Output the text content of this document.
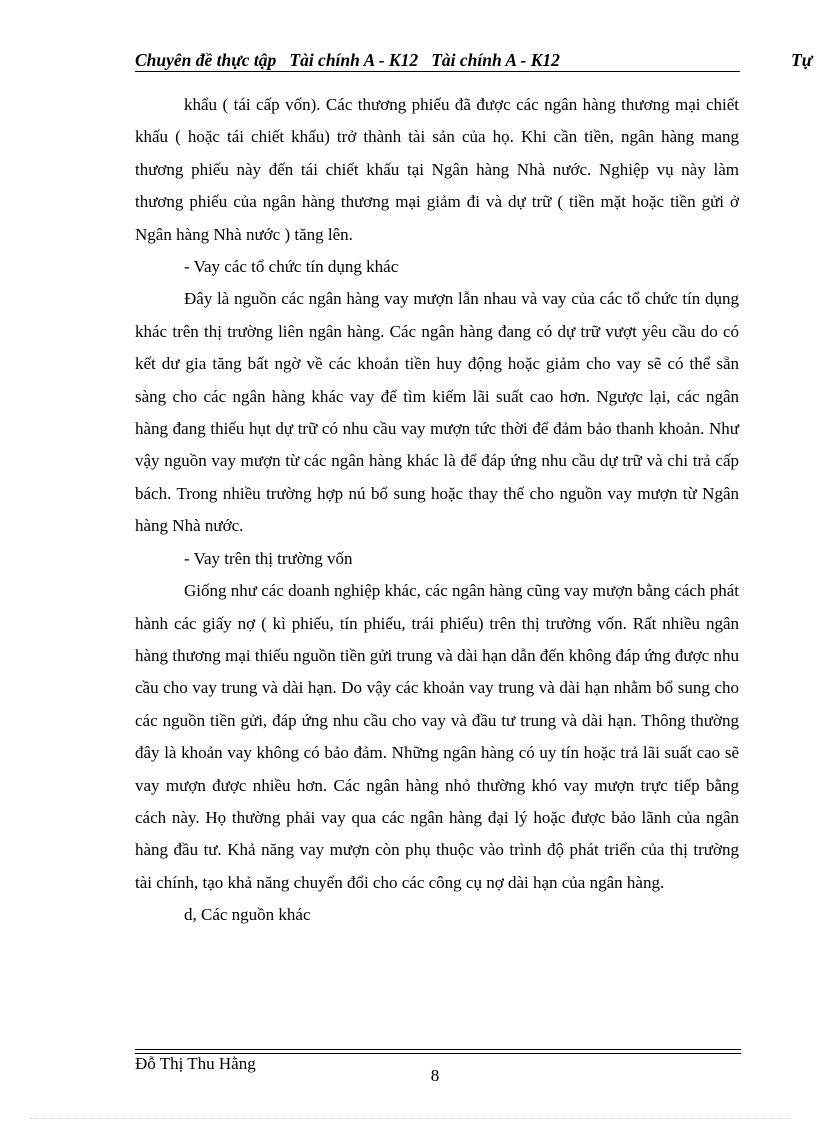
Chuyên đề thực tập   Tài chính A - K12   Tài chính A - K12	Tự

khẩu ( tái cấp vốn). Các thương phiếu đã được các ngân hàng thương mại chiết khấu ( hoặc tái chiết khấu) trở thành tài sản của họ. Khi cần tiền, ngân hàng mang thương phiếu này đến tái chiết khấu tại Ngân hàng Nhà nước. Nghiệp vụ này làm thương phiếu của ngân hàng thương mại giảm đi và dự trữ ( tiền mặt hoặc tiền gửi ở Ngân hàng Nhà nước ) tăng lên.

- Vay các tổ chức tín dụng khác

Đây là nguồn các ngân hàng vay mượn lẫn nhau và vay của các tổ chức tín dụng khác trên thị trường liên ngân hàng. Các ngân hàng đang có dự trữ vượt yêu cầu do có kết dư gia tăng bất ngờ về các khoản tiền huy động hoặc giảm cho vay sẽ có thể sẵn sàng cho các ngân hàng khác vay để tìm kiếm lãi suất cao hơn. Ngược lại, các ngân hàng đang thiếu hụt dự trữ có nhu cầu vay mượn tức thời để đảm bảo thanh khoản. Như vậy nguồn vay mượn từ các ngân hàng khác là để đáp ứng nhu cầu dự trữ và chi trả cấp bách. Trong nhiều trường hợp nú bổ sung hoặc thay thế cho nguồn vay mượn từ Ngân hàng Nhà nước.

- Vay trên thị trường vốn

Giống như các doanh nghiệp khác, các ngân hàng cũng vay mượn bằng cách phát hành các giấy nợ ( kì phiếu, tín phiếu, trái phiếu) trên thị trường vốn. Rất nhiều ngân hàng thương mại thiếu nguồn tiền gửi trung và dài hạn dẫn đến không đáp ứng được nhu cầu cho vay trung và dài hạn. Do vậy các khoản vay trung và dài hạn nhằm bổ sung cho các nguồn tiền gửi, đáp ứng nhu cầu cho vay và đầu tư trung và dài hạn. Thông thường đây là khoản vay không có bảo đảm. Những ngân hàng có uy tín hoặc trả lãi suất cao sẽ vay mượn được nhiều hơn. Các ngân hàng nhỏ thường khó vay mượn trực tiếp bằng cách này. Họ thường phải vay qua các ngân hàng đại lý hoặc được bảo lãnh của ngân hàng đầu tư. Khả năng vay mượn còn phụ thuộc vào trình độ phát triển của thị trường tài chính, tạo khả năng chuyển đổi cho các công cụ nợ dài hạn của ngân hàng.

d, Các nguồn khác

Đỗ Thị Thu Hằng
8
